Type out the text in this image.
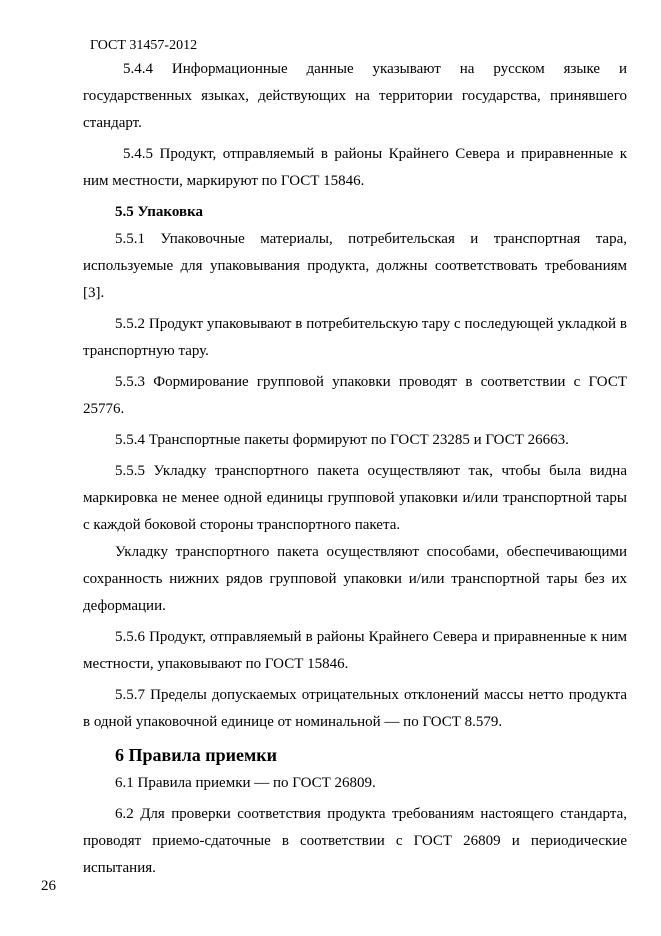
ГОСТ 31457-2012

5.4.4 Информационные данные указывают на русском языке и государственных языках, действующих на территории государства, принявшего стандарт.

5.4.5 Продукт, отправляемый в районы Крайнего Севера и приравненные к ним местности, маркируют по ГОСТ 15846.

5.5 Упаковка

5.5.1 Упаковочные материалы, потребительская и транспортная тара, используемые для упаковывания продукта, должны соответствовать требованиям [3].

5.5.2 Продукт упаковывают в потребительскую тару с последующей укладкой в транспортную тару.

5.5.3 Формирование групповой упаковки проводят в соответствии с ГОСТ 25776.

5.5.4 Транспортные пакеты формируют по ГОСТ 23285 и ГОСТ 26663.

5.5.5 Укладку транспортного пакета осуществляют так, чтобы была видна маркировка не менее одной единицы групповой упаковки и/или транспортной тары с каждой боковой стороны транспортного пакета.

Укладку транспортного пакета осуществляют способами, обеспечивающими сохранность нижних рядов групповой упаковки и/или транспортной тары без их деформации.

5.5.6 Продукт, отправляемый в районы Крайнего Севера и приравненные к ним местности, упаковывают по ГОСТ 15846.

5.5.7 Пределы допускаемых отрицательных отклонений массы нетто продукта в одной упаковочной единице от номинальной — по ГОСТ 8.579.

6 Правила приемки

6.1 Правила приемки — по ГОСТ 26809.

6.2 Для проверки соответствия продукта требованиям настоящего стандарта, проводят приемо-сдаточные в соответствии с ГОСТ 26809 и периодические испытания.

26
